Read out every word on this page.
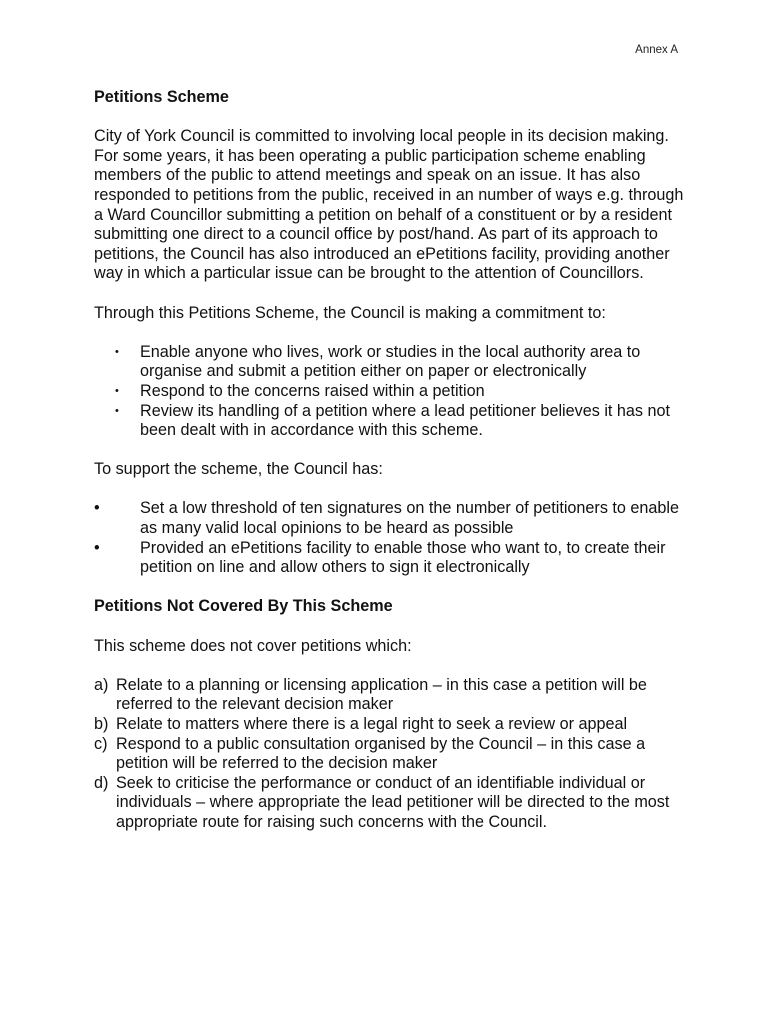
Annex A
Petitions Scheme

City of York Council is committed to involving local people in its decision making. For some years, it has been operating a public participation scheme enabling members of the public to attend meetings and speak on an issue. It has also responded to petitions from the public, received in an number of ways e.g. through a Ward Councillor submitting a petition on behalf of a constituent or by a resident submitting one direct to a council office by post/hand. As part of its approach to petitions, the Council has also introduced an ePetitions facility, providing another way in which a particular issue can be brought to the attention of Councillors.

Through this Petitions Scheme, the Council is making a commitment to:

• Enable anyone who lives, work or studies in the local authority area to organise and submit a petition either on paper or electronically
• Respond to the concerns raised within a petition
• Review its handling of a petition where a lead petitioner believes it has not been dealt with in accordance with this scheme.

To support the scheme, the Council has:

• Set a low threshold of ten signatures on the number of petitioners to enable as many valid local opinions to be heard as possible
• Provided an ePetitions facility to enable those who want to, to create their petition on line and allow others to sign it electronically
Petitions Not Covered By This Scheme

This scheme does not cover petitions which:

a) Relate to a planning or licensing application – in this case a petition will be referred to the relevant decision maker
b) Relate to matters where there is a legal right to seek a review or appeal
c) Respond to a public consultation organised by the Council – in this case a petition will be referred to the decision maker
d) Seek to criticise the performance or conduct of an identifiable individual or individuals – where appropriate the lead petitioner will be directed to the most appropriate route for raising such concerns with the Council.
